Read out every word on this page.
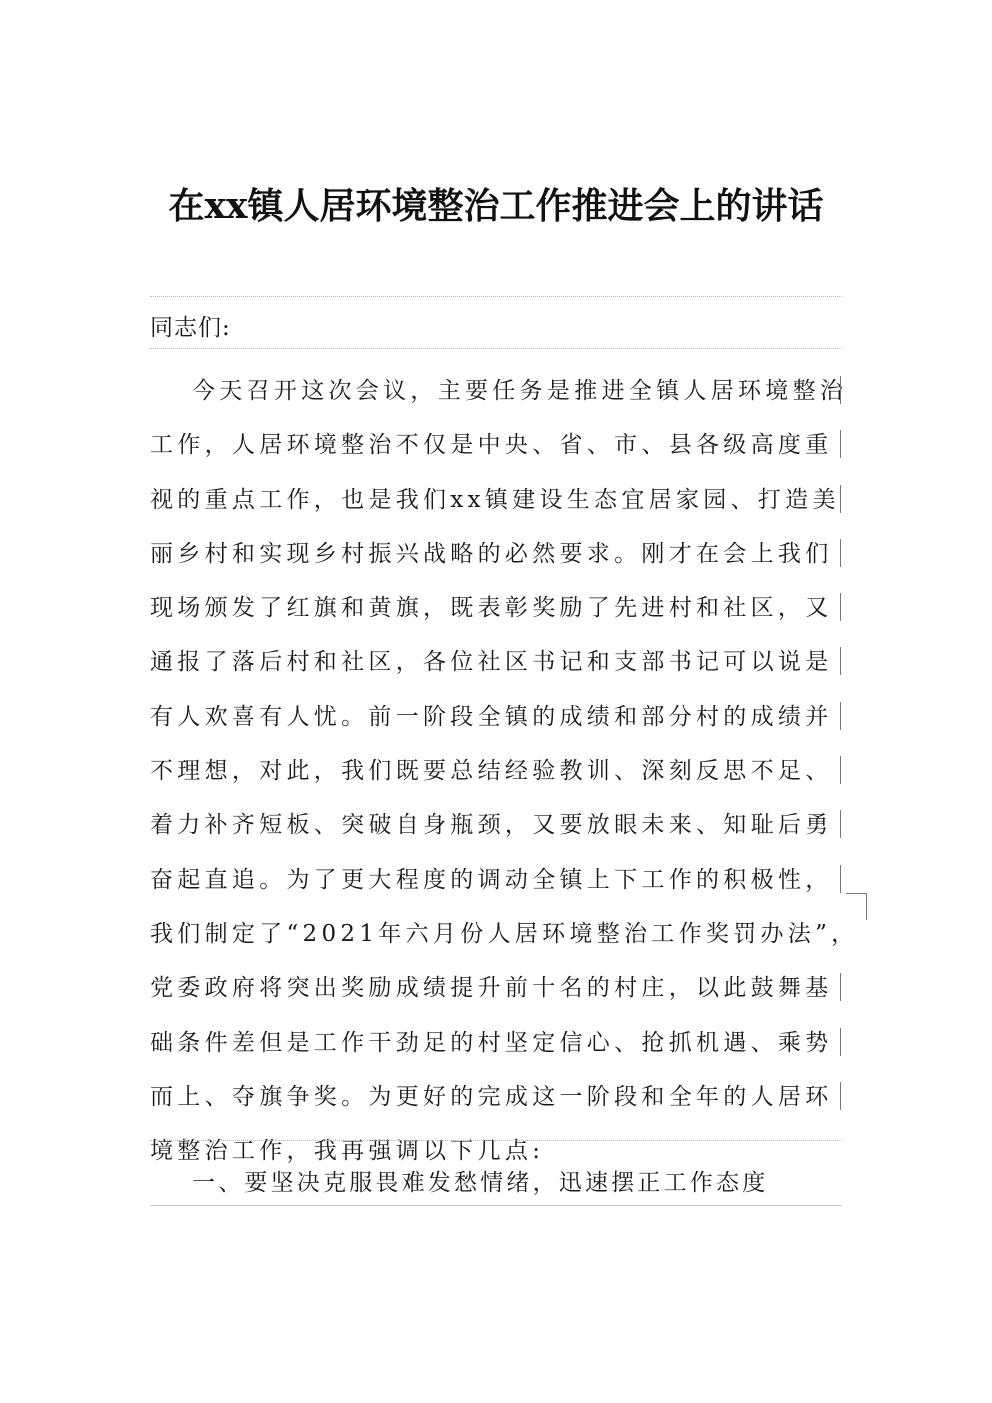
在xx镇人居环境整治工作推进会上的讲话
同志们:
今天召开这次会议，主要任务是推进全镇人居环境整治
工作，人居环境整治不仅是中央、省、市、县各级高度重
视的重点工作，也是我们xx镇建设生态宜居家园、打造美
丽乡村和实现乡村振兴战略的必然要求。刚才在会上我们
现场颁发了红旗和黄旗，既表彰奖励了先进村和社区，又
通报了落后村和社区，各位社区书记和支部书记可以说是
有人欢喜有人忧。前一阶段全镇的成绩和部分村的成绩并
不理想，对此，我们既要总结经验教训、深刻反思不足、
着力补齐短板、突破自身瓶颈，又要放眼未来、知耻后勇
奋起直追。为了更大程度的调动全镇上下工作的积极性，
我们制定了“2021年六月份人居环境整治工作奖罚办法”，
党委政府将突出奖励成绩提升前十名的村庄，以此鼓舞基
础条件差但是工作干劲足的村坚定信心、抢抓机遇、乘势
而上、夺旗争奖。为更好的完成这一阶段和全年的人居环
境整治工作，我再强调以下几点:
一、要坚决克服畏难发愁情绪，迅速摆正工作态度
